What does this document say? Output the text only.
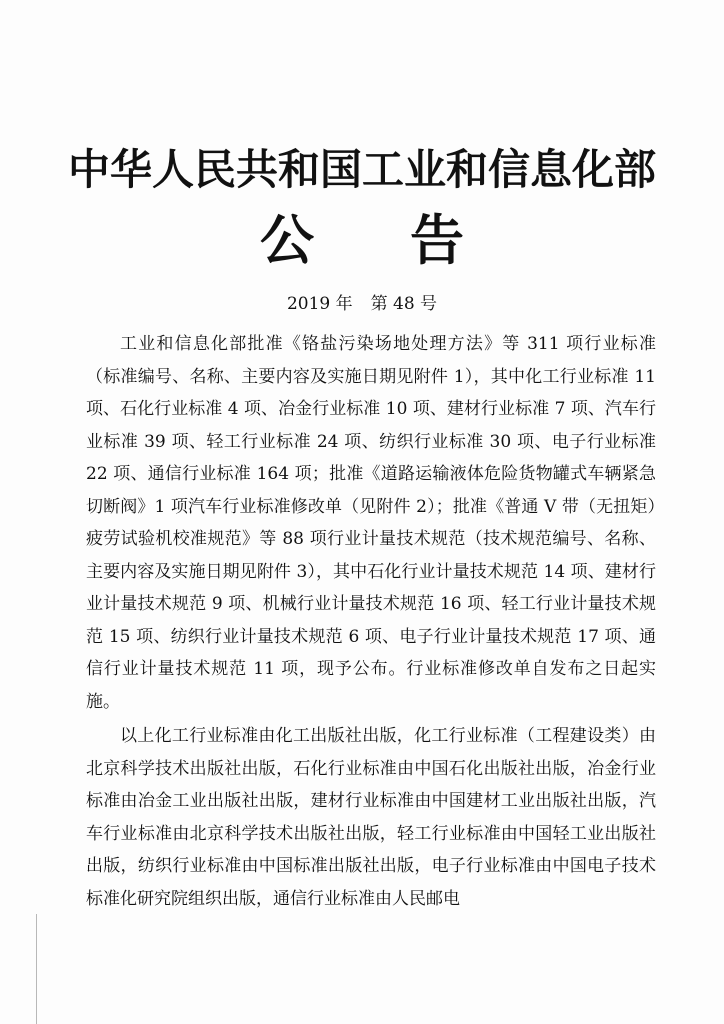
中华人民共和国工业和信息化部
公 告
2019 年 第 48 号

工业和信息化部批准《铬盐污染场地处理方法》等 311 项行业标准（标准编号、名称、主要内容及实施日期见附件 1），其中化工行业标准 11 项、石化行业标准 4 项、冶金行业标准 10 项、建材行业标准 7 项、汽车行业标准 39 项、轻工行业标准 24 项、纺织行业标准 30 项、电子行业标准 22 项、通信行业标准 164 项；批准《道路运输液体危险货物罐式车辆紧急切断阀》1 项汽车行业标准修改单（见附件 2）；批准《普通 V 带（无扭矩）疲劳试验机校准规范》等 88 项行业计量技术规范（技术规范编号、名称、主要内容及实施日期见附件 3），其中石化行业计量技术规范 14 项、建材行业计量技术规范 9 项、机械行业计量技术规范 16 项、轻工行业计量技术规范 15 项、纺织行业计量技术规范 6 项、电子行业计量技术规范 17 项、通信行业计量技术规范 11 项，现予公布。行业标准修改单自发布之日起实施。

以上化工行业标准由化工出版社出版，化工行业标准（工程建设类）由北京科学技术出版社出版，石化行业标准由中国石化出版社出版，冶金行业标准由冶金工业出版社出版，建材行业标准由中国建材工业出版社出版，汽车行业标准由北京科学技术出版社出版，轻工行业标准由中国轻工业出版社出版，纺织行业标准由中国标准出版社出版，电子行业标准由中国电子技术标准化研究院组织出版，通信行业标准由人民邮电
